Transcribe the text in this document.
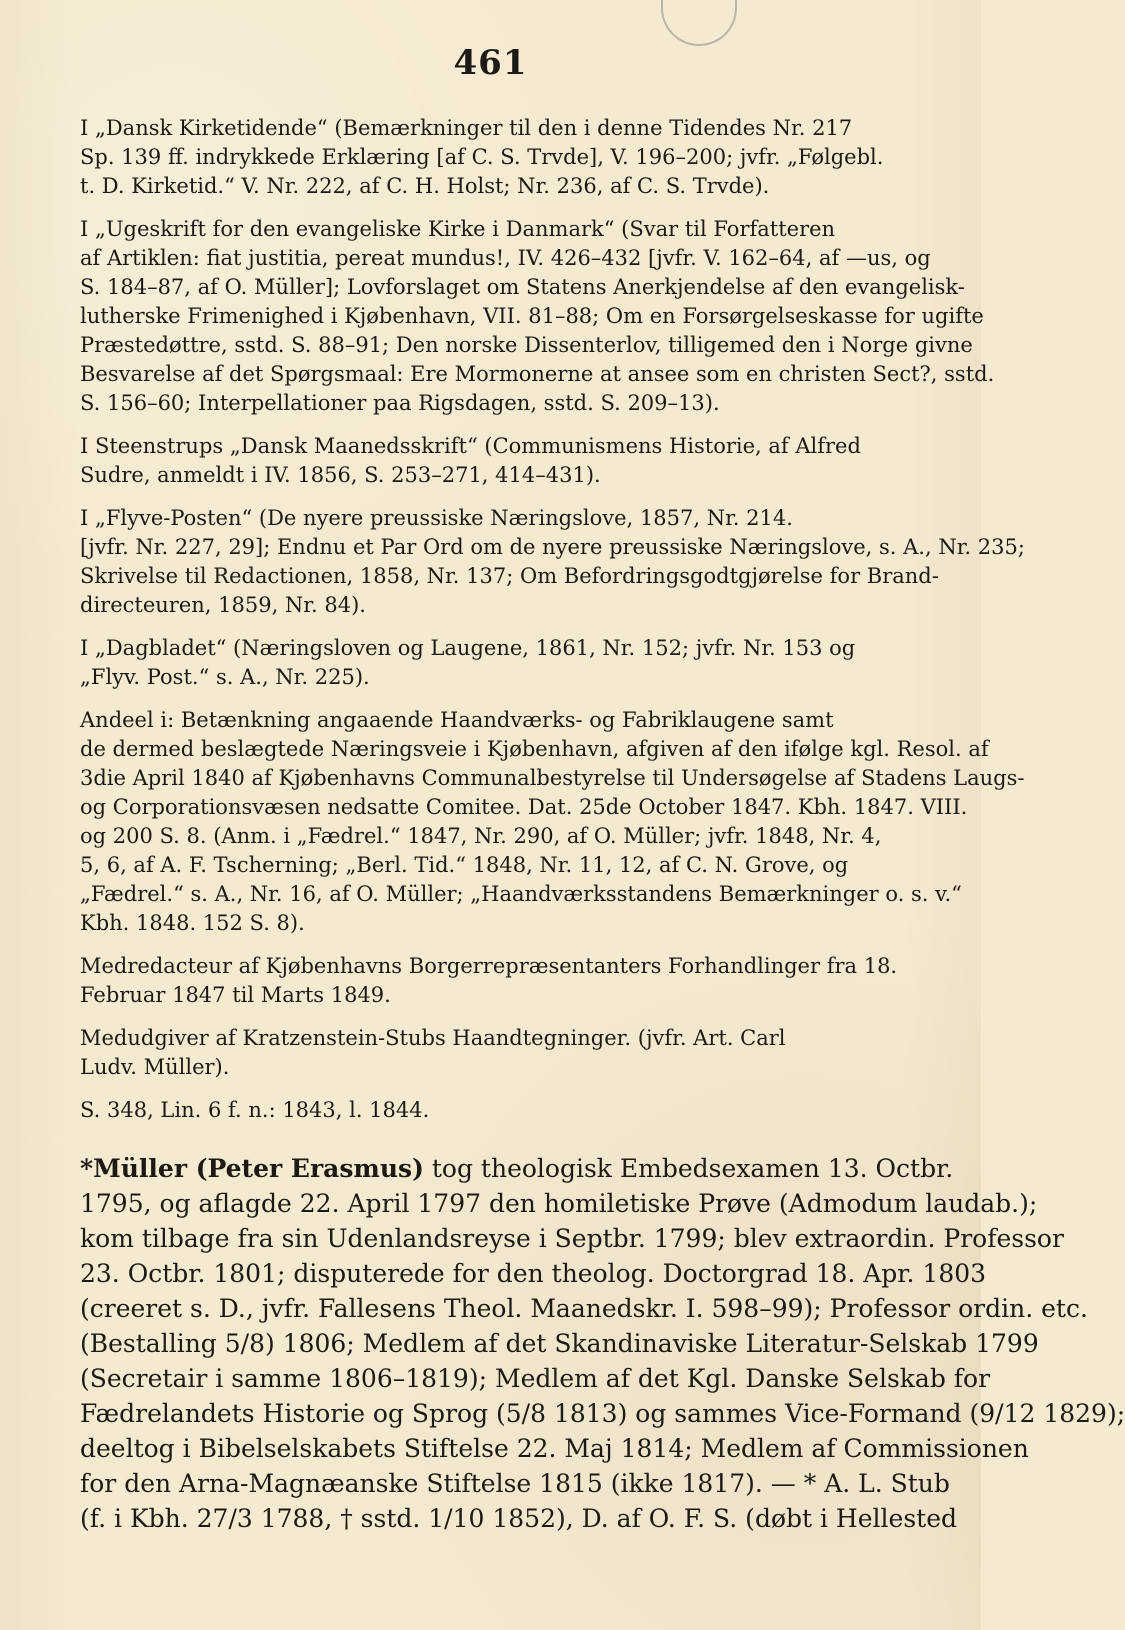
461
I „Dansk Kirketidende“ (Bemærkninger til den i denne Tidendes Nr. 217
Sp. 139 ff. indrykkede Erklæring [af C. S. Trvde], V. 196–200; jvfr. „Følgebl.
t. D. Kirketid.“ V. Nr. 222, af C. H. Holst; Nr. 236, af C. S. Trvde).
I „Ugeskrift for den evangeliske Kirke i Danmark“ (Svar til Forfatteren
af Artiklen: fiat justitia, pereat mundus!, IV. 426–432 [jvfr. V. 162–64, af —us, og
S. 184–87, af O. Müller]; Lovforslaget om Statens Anerkjendelse af den evangelisk-
lutherske Frimenighed i Kjøbenhavn, VII. 81–88; Om en Forsørgelseskasse for ugifte
Præstedøttre, sstd. S. 88–91; Den norske Dissenterlov, tilligemed den i Norge givne
Besvarelse af det Spørgsmaal: Ere Mormonerne at ansee som en christen Sect?, sstd.
S. 156–60; Interpellationer paa Rigsdagen, sstd. S. 209–13).
I Steenstrups „Dansk Maanedsskrift“ (Communismens Historie, af Alfred
Sudre, anmeldt i IV. 1856, S. 253–271, 414–431).
I „Flyve-Posten“ (De nyere preussiske Næringslove, 1857, Nr. 214.
[jvfr. Nr. 227, 29]; Endnu et Par Ord om de nyere preussiske Næringslove, s. A., Nr. 235;
Skrivelse til Redactionen, 1858, Nr. 137; Om Befordringsgodtgjørelse for Brand-
directeuren, 1859, Nr. 84).
I „Dagbladet“ (Næringsloven og Laugene, 1861, Nr. 152; jvfr. Nr. 153 og
„Flyv. Post.“ s. A., Nr. 225).
Andeel i: Betænkning angaaende Haandværks- og Fabriklaugene samt
de dermed beslægtede Næringsveie i Kjøbenhavn, afgiven af den ifølge kgl. Resol. af
3die April 1840 af Kjøbenhavns Communalbestyrelse til Undersøgelse af Stadens Laugs-
og Corporationsvæsen nedsatte Comitee. Dat. 25de October 1847. Kbh. 1847. VIII.
og 200 S. 8. (Anm. i „Fædrel.“ 1847, Nr. 290, af O. Müller; jvfr. 1848, Nr. 4,
5, 6, af A. F. Tscherning; „Berl. Tid.“ 1848, Nr. 11, 12, af C. N. Grove, og
„Fædrel.“ s. A., Nr. 16, af O. Müller; „Haandværksstandens Bemærkninger o. s. v.“
Kbh. 1848. 152 S. 8).
Medredacteur af Kjøbenhavns Borgerrepræsentanters Forhandlinger fra 18.
Februar 1847 til Marts 1849.
Medudgiver af Kratzenstein-Stubs Haandtegninger. (jvfr. Art. Carl
Ludv. Müller).
S. 348, Lin. 6 f. n.: 1843, l. 1844.
*Müller (Peter Erasmus) tog theologisk Embedsexamen 13. Octbr.
1795, og aflagde 22. April 1797 den homiletiske Prøve (Admodum laudab.);
kom tilbage fra sin Udenlandsreyse i Septbr. 1799; blev extraordin. Professor
23. Octbr. 1801; disputerede for den theolog. Doctorgrad 18. Apr. 1803
(creeret s. D., jvfr. Fallesens Theol. Maanedskr. I. 598–99); Professor ordin. etc.
(Bestalling 5/8) 1806; Medlem af det Skandinaviske Literatur-Selskab 1799
(Secretair i samme 1806–1819); Medlem af det Kgl. Danske Selskab for
Fædrelandets Historie og Sprog (5/8 1813) og sammes Vice-Formand (9/12 1829);
deeltog i Bibelselskabets Stiftelse 22. Maj 1814; Medlem af Commissionen
for den Arna-Magnæanske Stiftelse 1815 (ikke 1817). — * A. L. Stub
(f. i Kbh. 27/3 1788, † sstd. 1/10 1852), D. af O. F. S. (døbt i Hellested
